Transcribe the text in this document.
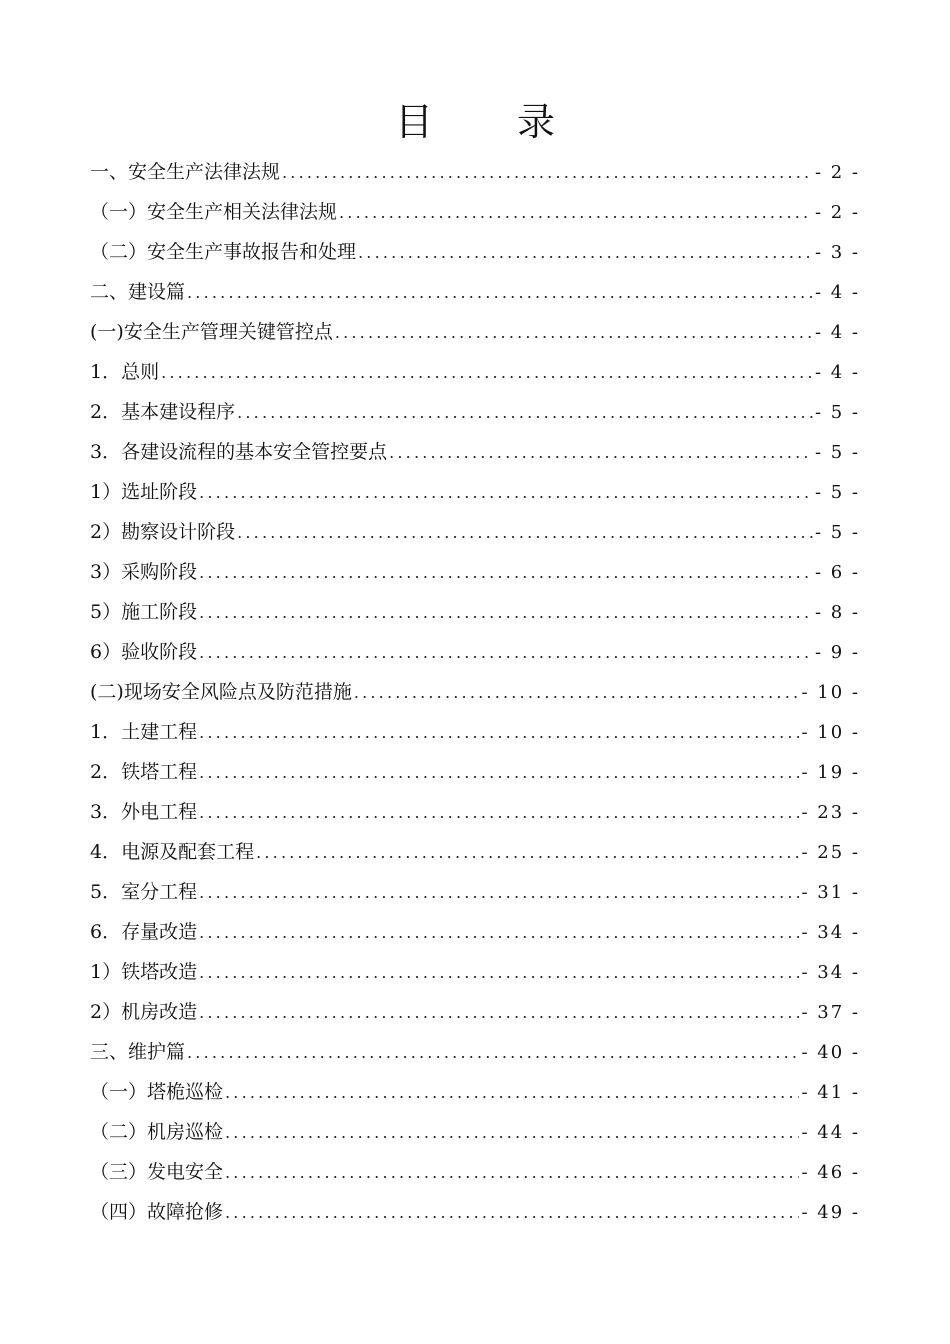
目 录
一、安全生产法律法规 .....	- 2 -
（一）安全生产相关法律法规 .....	- 2 -
（二）安全生产事故报告和处理 .....	- 3 -
二、建设篇 .....	- 4 -
(一)安全生产管理关键管控点 .....	- 4 -
1．总则 .....	- 4 -
2．基本建设程序 .....	- 5 -
3．各建设流程的基本安全管控要点 .....	- 5 -
1）选址阶段 .....	- 5 -
2）勘察设计阶段 .....	- 5 -
3）采购阶段 .....	- 6 -
5）施工阶段 .....	- 8 -
6）验收阶段 .....	- 9 -
(二)现场安全风险点及防范措施 .....	- 10 -
1．土建工程 .....	- 10 -
2．铁塔工程 .....	- 19 -
3．外电工程 .....	- 23 -
4．电源及配套工程 .....	- 25 -
5．室分工程 .....	- 31 -
6．存量改造 .....	- 34 -
1）铁塔改造 .....	- 34 -
2）机房改造 .....	- 37 -
三、维护篇 .....	- 40 -
（一）塔桅巡检 .....	- 41 -
（二）机房巡检 .....	- 44 -
（三）发电安全 .....	- 46 -
（四）故障抢修 .....	- 49 -
